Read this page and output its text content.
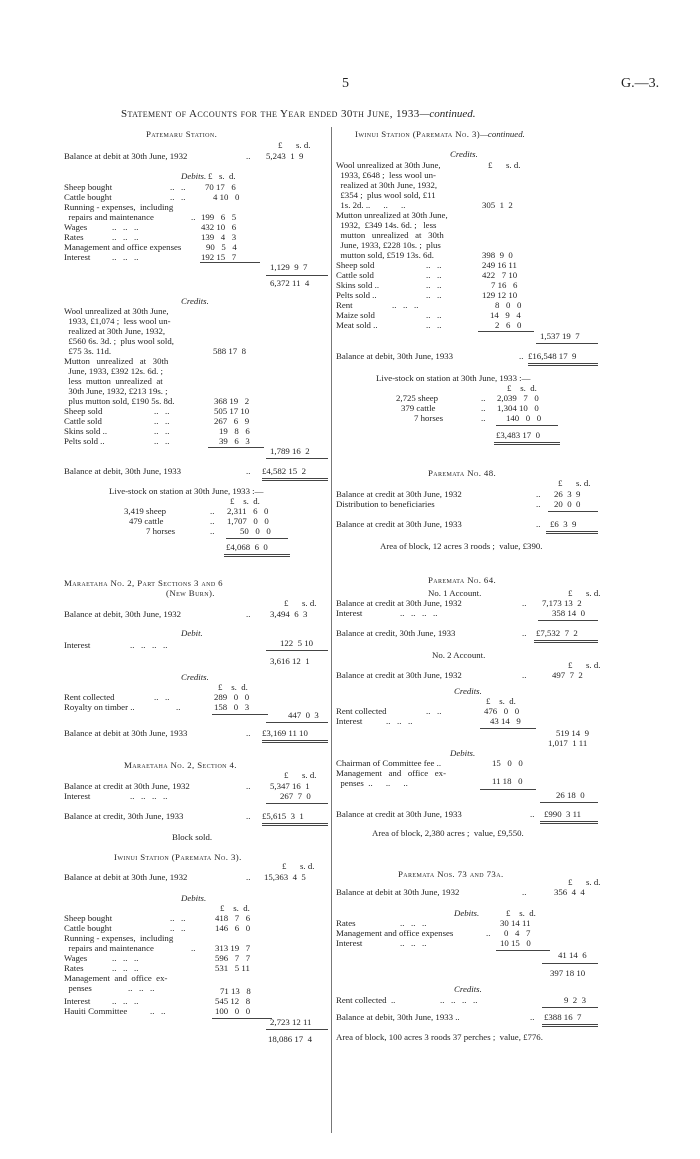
5	G.—3.
Statement of Accounts for the Year ended 30th June, 1933—continued.
Patemaru Station.
£ s. d.
Balance at debit at 30th June, 1932	.. 5,243  1  9
Debits. £   s.  d.
Sheep bought	..   .. 70 17   6
Cattle bought	..   ..	4 10   0
Running - expenses,  including
repairs and maintenance	.. 199   6   5
Wages	..   ..   ..	432 10   6
Rates	..   ..   ..	139   4   3
Management and office expenses	90   5   4
Interest ..   ..   ..	192 15   7
1,129  9  7
6,372 11  4
Credits.
Wool unrealized at 30th June,
1933, £1,074 ;  less wool un-
realized at 30th June, 1932,
£560 6s. 3d. ;  plus wool sold,
£75 3s. 11d.	588 17  8
Mutton   unrealized   at   30th
June, 1933, £392 12s. 6d. ;
less  mutton  unrealized  at
30th June, 1932, £213 19s. ;
plus mutton sold, £190 5s. 8d.	368 19   2
Sheep sold	..   ..	505 17 10
Cattle sold	..   ..	267   6   9
Skins sold ..	..   ..	19   8   6
Pelts sold ..	..   ..	39   6   3
1,789 16  2
Balance at debit, 30th June, 1933	.. £4,582 15  2
Live-stock on station at 30th June, 1933 :—
£    s.  d.
3,419 sheep	.. 2,311   6   0
479 cattle	.. 1,707   0   0
7 horses	..	50   0   0
£4,068  6  0
Maraetaha No. 2, Part Sections 3 and 6
(New Burn).
£ s. d.
Balance at debit, 30th June, 1932	.. 3,494  6  3
Debit.
Interest	..   ..   ..   ..	122  5 10
3,616 12  1
Credits.
£    s.  d.
Rent collected	..   ..	289   0   0
Royalty on timber ..	..	158   0   3
447  0  3
Balance at debit at 30th June, 1933	.. £3,169 11 10
Maraetaha No. 2, Section 4.
£ s. d.
Balance at credit at 30th June, 1932	.. 5,347 16  1
Interest	..   ..   ..   ..	267  7  0
Balance at credit, 30th June, 1933	.. £5,615  3  1
Block sold.
Iwinui Station (Paremata No. 3).
£ s. d.
Balance at debit at 30th June, 1932	.. 15,363  4  5
Debits.
£    s.  d.
Sheep bought	..   ..	418   7   6
Cattle bought	..   ..	146   6   0
Running - expenses,  including
repairs and maintenance	.. 313 19   7
Wages	..   ..   ..	596   7   7
Rates	..   ..   ..	531   5 11
Management  and  office  ex-
penses	..   ..   ..	71 13   8
Interest ..   ..   ..	545 12   8
Hauiti Committee	..   ..	100   0   0
2,723 12 11
18,086 17  4
Iwinui Station (Paremata No. 3)—continued.
Credits.
£ s. d.
Wool unrealized at 30th June,
1933, £648 ;  less wool un-
realized at 30th June, 1932,
£354 ;  plus wool sold, £11
1s. 2d. ..      ..      ..	305  1  2
Mutton unrealized at 30th June,
1932,  £349 14s. 6d. ;   less
mutton   unrealized   at   30th
June, 1933, £228 10s. ;  plus
mutton sold, £519 13s. 6d.	398  9  0
Sheep sold	..   ..	249 16 11
Cattle sold	..   ..	422   7 10
Skins sold ..	..   ..	7 16   6
Pelts sold ..	..   ..	129 12 10
Rent	..   ..   ..	8   0   0
Maize sold	..   ..	14   9   4
Meat sold ..	..   ..	2   6   0
1,537 19  7
Balance at debit, 30th June, 1933	.. £16,548 17  9
Live-stock on station at 30th June, 1933 :—
£    s.  d.
2,725 sheep	.. 2,039   7   0
379 cattle	.. 1,304 10   0
7 horses	.. 140   0   0
£3,483 17  0
Paremata No. 48.
£ s. d.
Balance at credit at 30th June, 1932	.. 26  3  9
Distribution to beneficiaries	.. 20  0  0
Balance at credit at 30th June, 1933	.. £6  3  9
Area of block, 12 acres 3 roods ;  value, £390.
Paremata No. 64.
No. 1 Account.	£ s. d.
Balance at credit at 30th June, 1932	.. 7,173 13  2
Interest	..   ..   ..   ..	358 14  0
Balance at credit, 30th June, 1933	.. £7,532  7  2
No. 2 Account.
£ s. d.
Balance at credit at 30th June, 1932	..	497  7  2
Credits.
£    s.  d.
Rent collected	..   ..	476   0   0
Interest	..   ..   ..	43 14   9
519 14  9
1,017  1 11
Debits.
Chairman of Committee fee ..	15   0   0
Management   and   office   ex-
penses  ..      ..      ..	11 18   0
26 18  0
Balance at credit at 30th June, 1933	.. £990  3 11
Area of block, 2,380 acres ;  value, £9,550.
Paremata Nos. 73 and 73a.
£ s. d.
Balance at debit at 30th June, 1932	..	356  4  4
Debits.	£    s.  d.
Rates	..   ..   ..	30 14 11
Management and office expenses	.. 0   4   7
Interest	..   ..   ..	10 15   0
41 14  6
397 18 10
Credits.
Rent collected  ..	..   ..   ..   ..	9  2  3
Balance at debit, 30th June, 1933 ..	.. £388 16  7
Area of block, 100 acres 3 roods 37 perches ;  value, £776.
